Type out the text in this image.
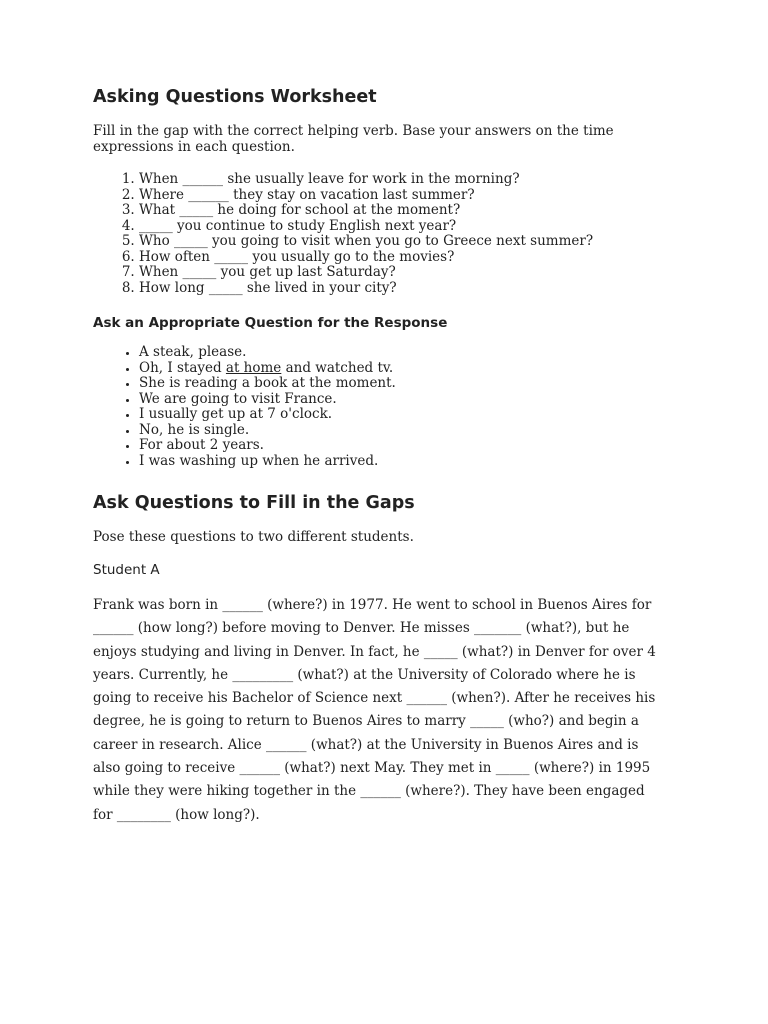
Asking Questions Worksheet

Fill in the gap with the correct helping verb. Base your answers on the time expressions in each question.

1. When ______ she usually leave for work in the morning?
2. Where ______ they stay on vacation last summer?
3. What _____ he doing for school at the moment?
4. _____ you continue to study English next year?
5. Who _____ you going to visit when you go to Greece next summer?
6. How often _____ you usually go to the movies?
7. When _____ you get up last Saturday?
8. How long _____ she lived in your city?
Ask an Appropriate Question for the Response
• A steak, please.
• Oh, I stayed at home and watched tv.
• She is reading a book at the moment.
• We are going to visit France.
• I usually get up at 7 o'clock.
• No, he is single.
• For about 2 years.
• I was washing up when he arrived.
Ask Questions to Fill in the Gaps

Pose these questions to two different students.

Student A

Frank was born in ______ (where?) in 1977. He went to school in Buenos Aires for ______ (how long?) before moving to Denver. He misses _______ (what?), but he enjoys studying and living in Denver. In fact, he _____ (what?) in Denver for over 4 years. Currently, he _________ (what?) at the University of Colorado where he is going to receive his Bachelor of Science next ______ (when?). After he receives his degree, he is going to return to Buenos Aires to marry _____ (who?) and begin a career in research. Alice ______ (what?) at the University in Buenos Aires and is also going to receive ______ (what?) next May. They met in _____ (where?) in 1995 while they were hiking together in the ______ (where?). They have been engaged for ________ (how long?).
